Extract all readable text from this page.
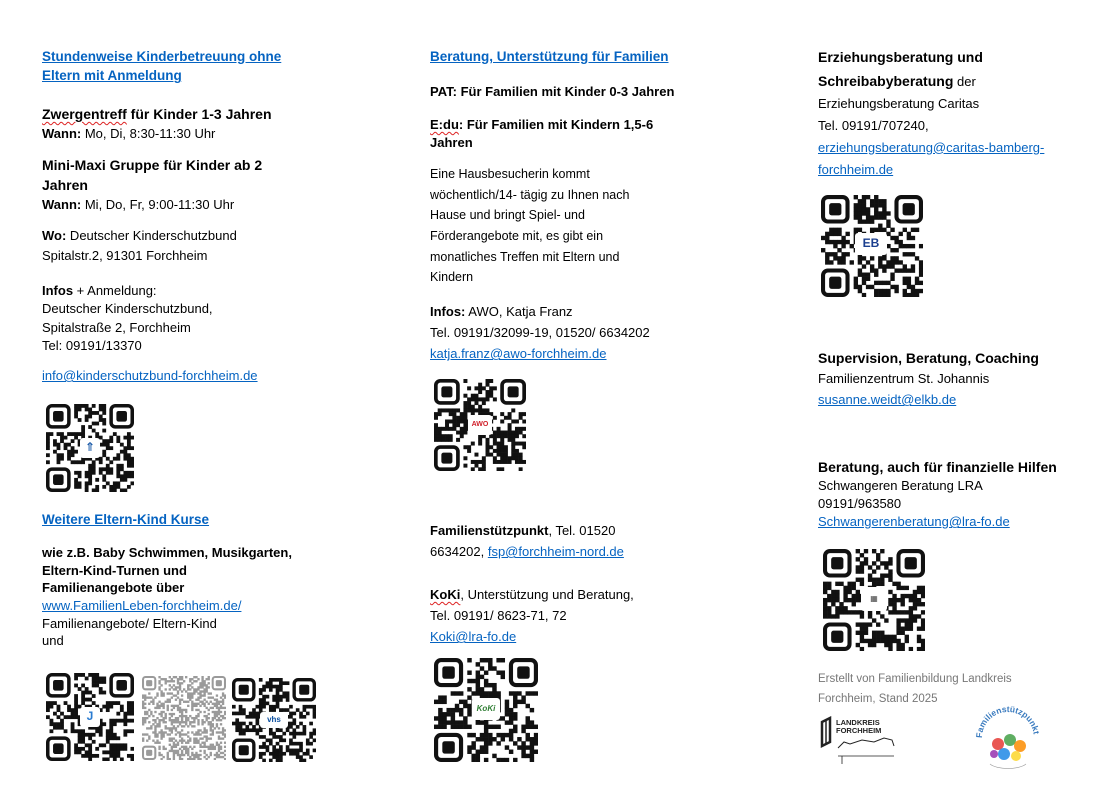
Stundenweise Kinderbetreuung ohne
Eltern mit Anmeldung
Zwergentreff für Kinder 1-3 Jahren
Wann: Mo, Di, 8:30-11:30 Uhr
Mini-Maxi Gruppe für Kinder ab 2
Jahren
Wann: Mi, Do, Fr, 9:00-11:30 Uhr
Wo: Deutscher Kinderschutzbund
Spitalstr.2, 91301 Forchheim
Infos + Anmeldung:
Deutscher Kinderschutzbund,
Spitalstraße 2, Forchheim
Tel: 09191/13370
info@kinderschutzbund-forchheim.de
⇑
Weitere Eltern-Kind Kurse
wie z.B. Baby Schwimmen, Musikgarten,
Eltern-Kind-Turnen und
Familienangebote über
www.FamilienLeben-forchheim.de/
Familienangebote/ Eltern-Kind
und
J	vhs
Beratung, Unterstützung für Familien
PAT: Für Familien mit Kinder 0-3 Jahren
E:du: Für Familien mit Kindern 1,5-6
Jahren
Eine Hausbesucherin kommt
wöchentlich/14- tägig zu Ihnen nach
Hause und bringt Spiel- und
Förderangebote mit, es gibt ein
monatliches Treffen mit Eltern und
Kindern
Infos: AWO, Katja Franz
Tel. 09191/32099-19, 01520/ 6634202
katja.franz@awo-forchheim.de
AWO
Familienstützpunkt, Tel. 01520
6634202, fsp@forchheim-nord.de
KoKi, Unterstützung und Beratung,
Tel. 09191/ 8623-71, 72
Koki@lra-fo.de
KoKi
Erziehungsberatung und
Schreibabyberatung der
Erziehungsberatung Caritas
Tel. 09191/707240,
erziehungsberatung@caritas-bamberg-
forchheim.de
EB
Supervision, Beratung, Coaching
Familienzentrum St. Johannis
susanne.weidt@elkb.de
Beratung, auch für finanzielle Hilfen
Schwangeren Beratung LRA
09191/963580
Schwangerenberatung@lra-fo.de
▦
Erstellt von Familienbildung Landkreis
Forchheim, Stand 2025
LANDKREIS
FORCHHEIM
milienstützpunk
